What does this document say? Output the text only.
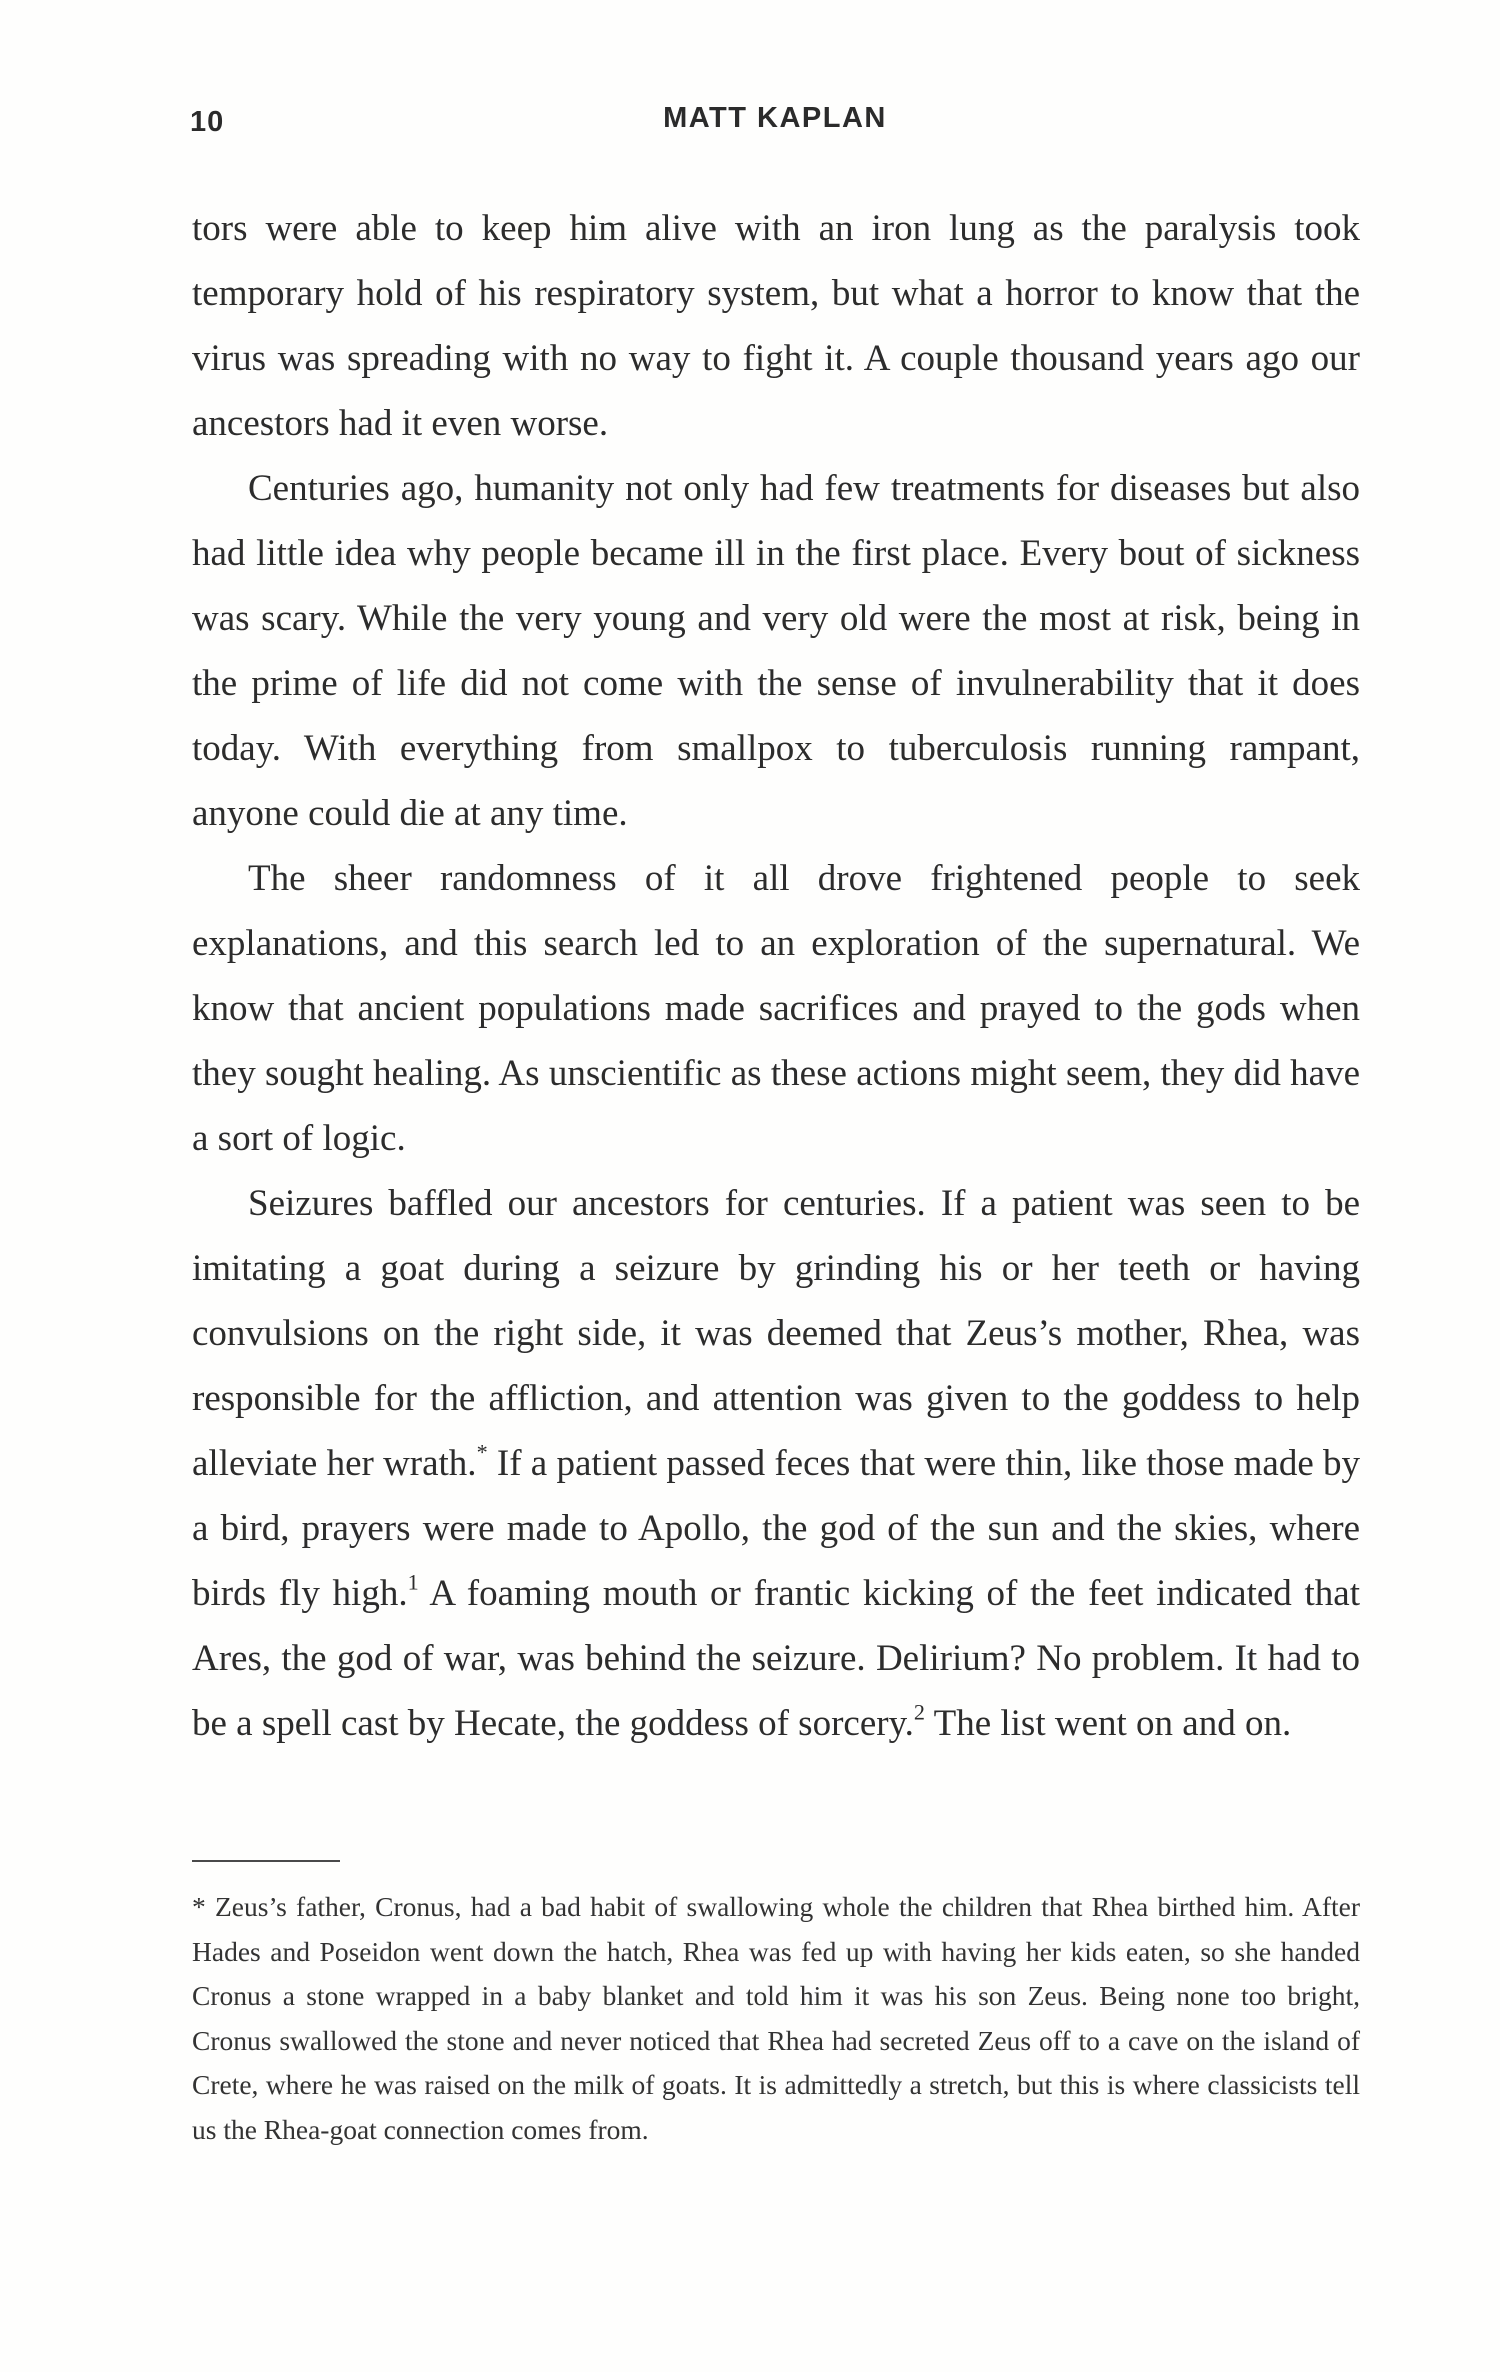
10	MATT KAPLAN

tors were able to keep him alive with an iron lung as the paralysis took temporary hold of his respiratory system, but what a horror to know that the virus was spreading with no way to fight it. A couple thousand years ago our ancestors had it even worse.

Centuries ago, humanity not only had few treatments for diseases but also had little idea why people became ill in the first place. Every bout of sickness was scary. While the very young and very old were the most at risk, being in the prime of life did not come with the sense of invulnerability that it does today. With everything from smallpox to tuberculosis running rampant, anyone could die at any time.

The sheer randomness of it all drove frightened people to seek explanations, and this search led to an exploration of the supernatural. We know that ancient populations made sacrifices and prayed to the gods when they sought healing. As unscientific as these actions might seem, they did have a sort of logic.

Seizures baffled our ancestors for centuries. If a patient was seen to be imitating a goat during a seizure by grinding his or her teeth or having convulsions on the right side, it was deemed that Zeus’s mother, Rhea, was responsible for the affliction, and attention was given to the goddess to help alleviate her wrath.* If a patient passed feces that were thin, like those made by a bird, prayers were made to Apollo, the god of the sun and the skies, where birds fly high.$^1$ A foaming mouth or frantic kicking of the feet indicated that Ares, the god of war, was behind the seizure. Delirium? No problem. It had to be a spell cast by Hecate, the goddess of sorcery.$^2$ The list went on and on.

* Zeus’s father, Cronus, had a bad habit of swallowing whole the children that Rhea birthed him. After Hades and Poseidon went down the hatch, Rhea was fed up with having her kids eaten, so she handed Cronus a stone wrapped in a baby blanket and told him it was his son Zeus. Being none too bright, Cronus swallowed the stone and never noticed that Rhea had secreted Zeus off to a cave on the island of Crete, where he was raised on the milk of goats. It is admittedly a stretch, but this is where classicists tell us the Rhea-goat connection comes from.
